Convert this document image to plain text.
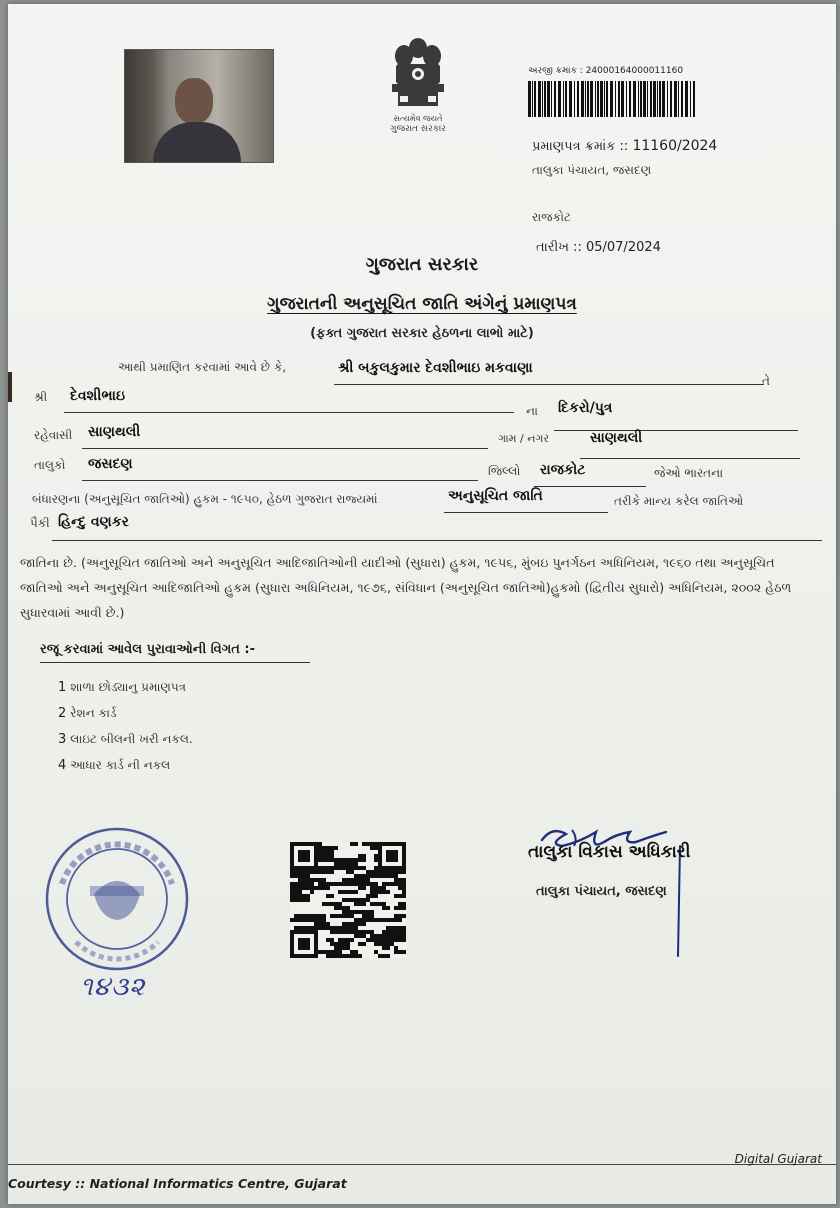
સત્યમેવ જયતે
ગુજરાત સરકાર
અરજી ક્રમાંક : 24000164000011160
પ્રમાણપત્ર ક્રમાંક :: 11160/2024
તાલુકા પંચાયત, જસદણ
રાજકોટ
તારીખ :: 05/07/2024
ગુજરાત સરકાર
ગુજરાતની અનુસૂચિત જાતિ અંગેનું પ્રમાણપત્ર
(ફક્ત ગુજરાત સરકાર હેઠળના લાભો માટે)
આથી પ્રમાણિત કરવામાં આવે છે કે,	શ્રી બકુલકુમાર દેવશીભાઇ મકવાણા
તે
શ્રી દેવશીભાઇ
ના દિકરો/પુત્ર
રહેવાસી સાણથલી	ગામ / નગર	સાણથલી
તાલુકો જસદણ	જિલ્લો રાજકોટ	જેઓ ભારતના
બંધારણના (અનુસૂચિત જાતિઓ) હુકમ - ૧૯૫૦, હેઠળ ગુજરાત રાજ્યમાં	અનુસૂચિત જાતિ	તરીકે માન્ય કરેલ જાતિઓ
પૈકી હિન્દુ વણકર
જાતિના છે. (અનુસૂચિત જાતિઓ અને અનુસૂચિત આદિજાતિઓની યાદીઓ (સુધારા) હુકમ, ૧૯૫૬, મુંબઇ પુનર્ગઠન અધિનિયમ, ૧૯૬૦ તથા અનુસૂચિત જાતિઓ અને અનુસૂચિત આદિજાતિઓ હુકમ (સુધારા અધિનિયમ, ૧૯૭૬, સંવિધાન (અનુસૂચિત જાતિઓ)હુકમો (દ્વિતીય સુધારો) અધિનિયમ, ૨૦૦૨ હેઠળ સુધારવામાં આવી છે.)
રજૂ કરવામાં આવેલ પુરાવાઓની વિગત :-
1 શાળા છોડ્યાનુ પ્રમાણપત્ર
2 રેશન કાર્ડ
3 લાઇટ બીલની ખરી નકલ.
4 આધાર કાર્ડ ની નકલ
૧૪૩૨
તાલુકા વિકાસ અધિકારી
તાલુકા પંચાયત, જસદણ
Digital Gujarat
Courtesy :: National Informatics Centre, Gujarat
